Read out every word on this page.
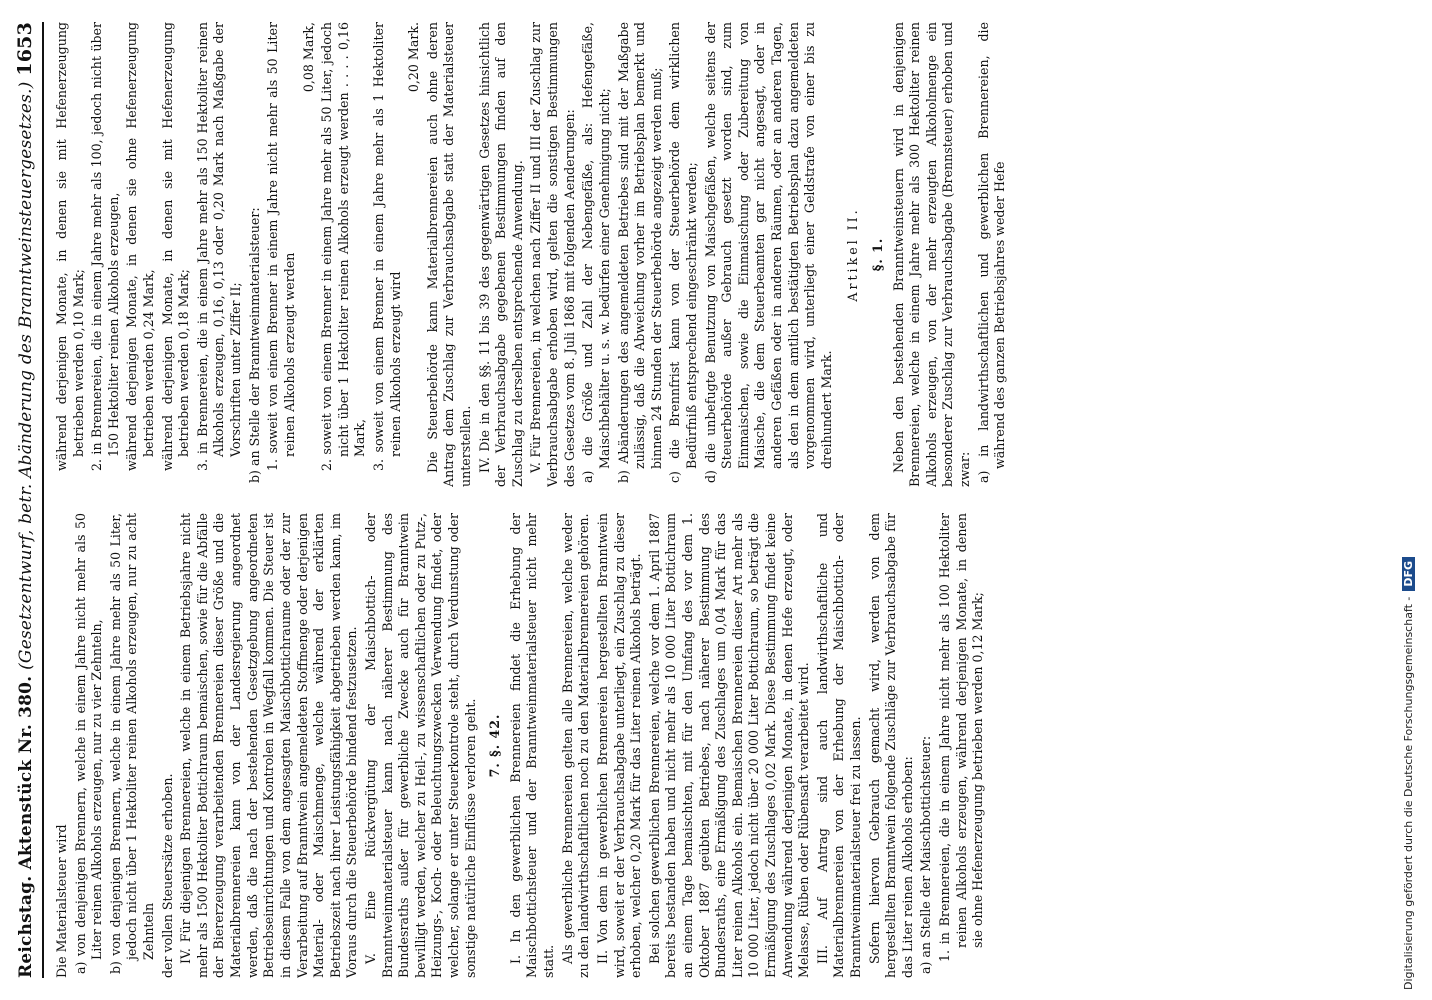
Reichstag. Aktenstück Nr. 380.
(Gesetzentwurf, betr. Abänderung des Branntweinsteuergesetzes.)
1653

Die Materialsteuer wird a) von denjenigen Brennern, welche in einem Jahre nicht mehr als 50 Liter reinen Alkohols erzeugen, nur zu vier Zehnteln, b) von denjenigen Brennern, welche in einem Jahre mehr als 50 Liter, jedoch nicht über 1 Hektoliter reinen Alkohols erzeugen, nur zu acht Zehnteln der vollen Steuersätze erhoben. IV. Für diejenigen Brennereien, welche in einem Betriebsjahre nicht mehr als 1500 Hektoliter Bottichraum bemaischen, sowie für die Abfälle der Biererzeugung verarbeitenden Brennereien dieser Größe und die Materialbrennereien kann von der Landesregierung angeordnet werden, daß die nach der bestehenden Gesetzgebung angeordneten Betriebseinrichtungen und Kontrolen in Wegfall kommen. Die Steuer ist in diesem Falle von dem angesagten Maischbottichraume oder der zur Verarbeitung auf Branntwein angemeldeten Stoffmenge oder derjenigen Material- oder Maischmenge, welche während der erklärten Betriebszeit nach ihrer Leistungsfähigkeit abgetrieben werden kann, im Voraus durch die Steuerbehörde bindend festzusetzen. V. Eine Rückvergütung der Maischbottich- oder Branntweinmaterialsteuer kann nach näherer Bestimmung des Bundesraths außer für gewerbliche Zwecke auch für Branntwein bewilligt werden, welcher zu Heil-, zu wissenschaftlichen oder zu Putz-, Heizungs-, Koch- oder Beleuchtungszwecken Verwendung findet, oder welcher, solange er unter Steuerkontrole steht, durch Verdunstung oder sonstige natürliche Einflüsse verloren geht. 7. §. 42. I. In den gewerblichen Brennereien findet die Erhebung der Maischbottichsteuer und der Branntweinmaterialsteuer nicht mehr statt. Als gewerbliche Brennereien gelten alle Brennereien, welche weder zu den landwirthschaftlichen noch zu den Materialbrennereien gehören. II. Von dem in gewerblichen Brennereien hergestellten Branntwein wird, soweit er der Verbrauchsabgabe unterliegt, ein Zuschlag zu dieser erhoben, welcher 0,20 Mark für das Liter reinen Alkohols beträgt. Bei solchen gewerblichen Brennereien, welche vor dem 1. April 1887 bereits bestanden haben und nicht mehr als 10 000 Liter Bottichraum an einem Tage bemaischten, mit für den Umfang des vor dem 1. Oktober 1887 geübten Betriebes, nach näherer Bestimmung des Bundesraths, eine Ermäßigung des Zuschlages um 0,04 Mark für das Liter reinen Alkohols ein. Bemaischen Brennereien dieser Art mehr als 10 000 Liter, jedoch nicht über 20 000 Liter Bottichraum, so beträgt die Ermäßigung des Zuschlages 0,02 Mark. Diese Bestimmung findet keine Anwendung während derjenigen Monate, in denen Hefe erzeugt, oder Melasse, Rüben oder Rübensaft verarbeitet wird. III. Auf Antrag sind auch landwirthschaftliche und Materialbrennereien von der Erhebung der Maischbottich- oder Branntweinmaterialsteuer frei zu lassen. Sofern hiervon Gebrauch gemacht wird, werden von dem hergestellten Branntwein folgende Zuschläge zur Verbrauchsabgabe für das Liter reinen Alkohols erhoben: a) an Stelle der Maischbottichsteuer: 1. in Brennereien, die in einem Jahre nicht mehr als 100 Hektoliter reinen Alkohols erzeugen, während derjenigen Monate, in denen sie ohne Hefenerzeugung betrieben werden 0,12 Mark;

während derjenigen Monate, in denen sie mit Hefenerzeugung betrieben werden 0,10 Mark; 2. in Brennereien, die in einem Jahre mehr als 100, jedoch nicht über 150 Hektoliter reinen Alkohols erzeugen, während derjenigen Monate, in denen sie ohne Hefenerzeugung betrieben werden 0,24 Mark, während derjenigen Monate, in denen sie mit Hefenerzeugung betrieben werden 0,18 Mark; 3. in Brennereien, die in einem Jahre mehr als 150 Hektoliter reinen Alkohols erzeugen, 0,16, 0,13 oder 0,20 Mark nach Maßgabe der Vorschriften unter Ziffer II; b) an Stelle der Branntweinmaterialsteuer: 1. soweit von einem Brenner in einem Jahre nicht mehr als 50 Liter reinen Alkohols erzeugt werden

0,08 Mark, 2. soweit von einem Brenner in einem Jahre mehr als 50 Liter, jedoch nicht über 1 Hektoliter reinen Alkohols erzeugt werden . . . . 0,16 Mark, 3. soweit von einem Brenner in einem Jahre mehr als 1 Hektoliter reinen Alkohols erzeugt wird

0,20 Mark. Die Steuerbehörde kann Materialbrennereien auch ohne deren Antrag dem Zuschlag zur Verbrauchsabgabe statt der Materialsteuer unterstellen. IV. Die in den §§. 11 bis 39 des gegenwärtigen Gesetzes hinsichtlich der Verbrauchsabgabe gegebenen Bestimmungen finden auf den Zuschlag zu derselben entsprechende Anwendung. V. Für Brennereien, in welchen nach Ziffer II und III der Zuschlag zur Verbrauchsabgabe erhoben wird, gelten die sonstigen Bestimmungen des Gesetzes vom 8. Juli 1868 mit folgenden Aenderungen: a) die Größe und Zahl der Nebengefäße, als: Hefengefäße, Maischbehälter u. s. w. bedürfen einer Genehmigung nicht; b) Abänderungen des angemeldeten Betriebes sind mit der Maßgabe zulässig, daß die Abweichung vorher im Betriebsplan bemerkt und binnen 24 Stunden der Steuerbehörde angezeigt werden muß; c) die Brennfrist kann von der Steuerbehörde dem wirklichen Bedürfniß entsprechend eingeschränkt werden; d) die unbefugte Benutzung von Maischgefäßen, welche seitens der Steuerbehörde außer Gebrauch gesetzt worden sind, zum Einmaischen, sowie die Einmaischung oder Zubereitung von Maische, die dem Steuerbeamten gar nicht angesagt, oder in anderen Gefäßen oder in anderen Räumen, oder an anderen Tagen, als den in dem amtlich bestätigten Betriebsplan dazu angemeldeten vorgenommen wird, unterliegt einer Geldstrafe von einer bis zu dreihundert Mark.

Artikel II. §. 1. Neben den bestehenden Branntweinsteuern wird in denjenigen Brennereien, welche in einem Jahre mehr als 300 Hektoliter reinen Alkohols erzeugen, von der mehr erzeugten Alkoholmenge ein besonderer Zuschlag zur Verbrauchsabgabe (Brennsteuer) erhoben und zwar: a) in landwirthschaftlichen und gewerblichen Brennereien, die während des ganzen Betriebsjahres weder Hefe

Digitalisierung gefördert durch die Deutsche Forschungsgemeinschaft -DFG
